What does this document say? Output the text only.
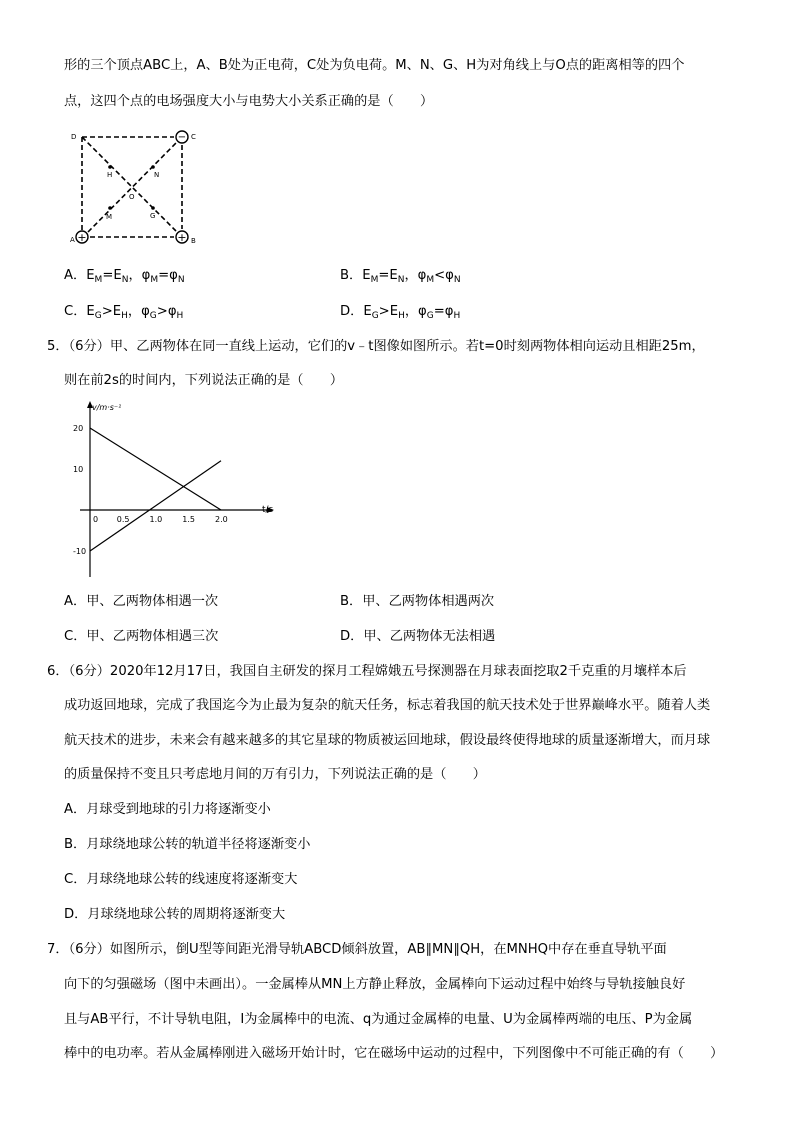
形的三个顶点ABC上，A、B处为正电荷，C处为负电荷。M、N、G、H为对角线上与O点的距离相等的四个
点，这四个点的电场强度大小与电势大小关系正确的是（　　）
−
+	+
D	C
A	B
O
H	N
M	G
A．$E_M=E_N$，$\varphi_M=\varphi_N$	B．$E_M=E_N$，$\varphi_M<\varphi_N$
C．$E_G>E_H$，$\varphi_G>\varphi_H$	D．$E_G>E_H$，$\varphi_G=\varphi_H$
5．（6分）甲、乙两物体在同一直线上运动，它们的v﹣t图像如图所示。若t=0时刻两物体相向运动且相距25m，
则在前2s的时间内，下列说法正确的是（　　）
20
10
-10
0 0.5	1.0	1.5	2.0
v/m·s⁻¹
t/s
A．甲、乙两物体相遇一次	B．甲、乙两物体相遇两次
C．甲、乙两物体相遇三次	D．甲、乙两物体无法相遇
6．（6分）2020年12月17日，我国自主研发的探月工程嫦娥五号探测器在月球表面挖取2千克重的月壤样本后
成功返回地球，完成了我国迄今为止最为复杂的航天任务，标志着我国的航天技术处于世界巅峰水平。随着人类
航天技术的进步，未来会有越来越多的其它星球的物质被运回地球，假设最终使得地球的质量逐渐增大，而月球
的质量保持不变且只考虑地月间的万有引力，下列说法正确的是（　　）
A．月球受到地球的引力将逐渐变小
B．月球绕地球公转的轨道半径将逐渐变小
C．月球绕地球公转的线速度将逐渐变大
D．月球绕地球公转的周期将逐渐变大
7．（6分）如图所示，倒U型等间距光滑导轨ABCD倾斜放置，AB∥MN∥QH，在MNHQ中存在垂直导轨平面
向下的匀强磁场（图中未画出）。一金属棒从MN上方静止释放，金属棒向下运动过程中始终与导轨接触良好
且与AB平行，不计导轨电阻，I为金属棒中的电流、q为通过金属棒的电量、U为金属棒两端的电压、P为金属
棒中的电功率。若从金属棒刚进入磁场开始计时，它在磁场中运动的过程中，下列图像中不可能正确的有（　　）
